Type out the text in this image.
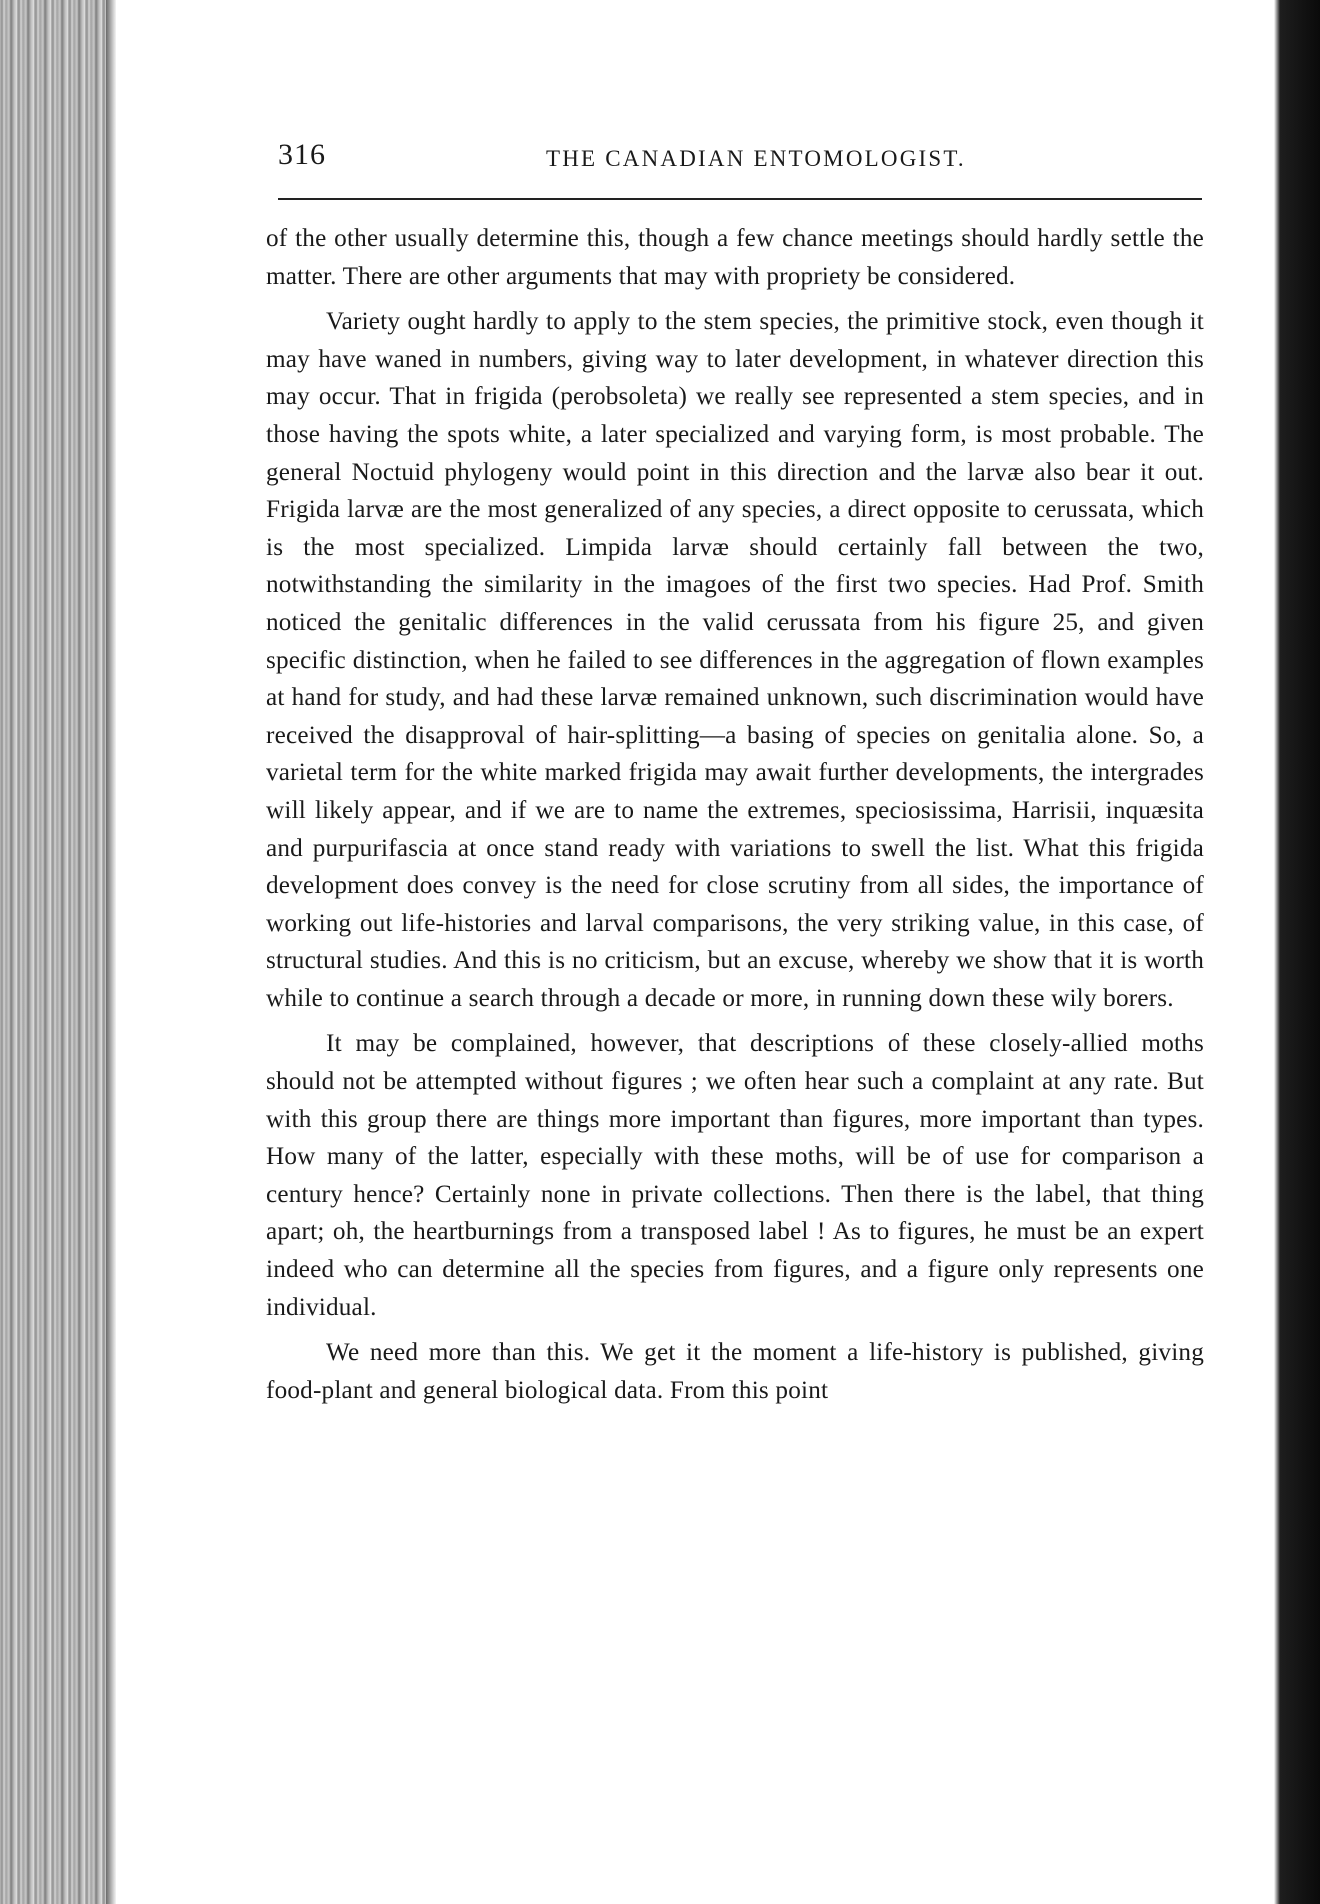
316	THE CANADIAN ENTOMOLOGIST.

of the other usually determine this, though a few chance meetings should hardly settle the matter. There are other arguments that may with propriety be considered.

Variety ought hardly to apply to the stem species, the primitive stock, even though it may have waned in numbers, giving way to later development, in whatever direction this may occur. That in frigida (perobsoleta) we really see represented a stem species, and in those having the spots white, a later specialized and varying form, is most probable. The general Noctuid phylogeny would point in this direction and the larvæ also bear it out. Frigida larvæ are the most generalized of any species, a direct opposite to cerussata, which is the most specialized. Limpida larvæ should certainly fall between the two, notwithstanding the similarity in the imagoes of the first two species. Had Prof. Smith noticed the genitalic differences in the valid cerussata from his figure 25, and given specific distinction, when he failed to see differences in the aggregation of flown examples at hand for study, and had these larvæ remained unknown, such discrimination would have received the disapproval of hair-splitting—a basing of species on genitalia alone. So, a varietal term for the white marked frigida may await further developments, the intergrades will likely appear, and if we are to name the extremes, speciosissima, Harrisii, inquæsita and purpurifascia at once stand ready with variations to swell the list. What this frigida development does convey is the need for close scrutiny from all sides, the importance of working out life-histories and larval comparisons, the very striking value, in this case, of structural studies. And this is no criticism, but an excuse, whereby we show that it is worth while to continue a search through a decade or more, in running down these wily borers.

It may be complained, however, that descriptions of these closely-allied moths should not be attempted without figures ; we often hear such a complaint at any rate. But with this group there are things more important than figures, more important than types. How many of the latter, especially with these moths, will be of use for comparison a century hence? Certainly none in private collections. Then there is the label, that thing apart; oh, the heartburnings from a transposed label ! As to figures, he must be an expert indeed who can determine all the species from figures, and a figure only represents one individual.

We need more than this. We get it the moment a life-history is published, giving food-plant and general biological data. From this point
